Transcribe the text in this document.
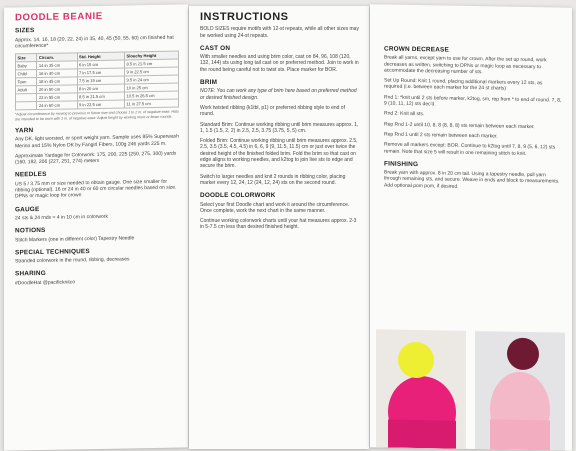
DOODLE BEANIE
SIZES

Approx. 14, 16, 18 (20, 22, 24) in 35, 40, 45 (50, 55, 60) cm finished hat circumference*

Size	Circum.	Std. Height	Slouchy Height
Baby	14 in 35 cm	6 in 15 cm	8.5 in 21.5 cm
Child	16 in 40 cm	7 in 17.5 cm	9 in 22.5 cm
Teen	18 in 45 cm	7.5 in 19 cm	9.5 in 24 cm
Adult	20 in 50 cm	8 in 20 cm	10 in 25 cm
	22 in 55 cm	8.5 in 21.5 cm	10.5 in 26.5 cm
	24 in 60 cm	9 in 22.5 cm	11 in 27.5 cm
*Adjust circumference by moving to previous or future size and choose 1 to 2 in. of negative ease. Hats are intended to be worn with 1 in. of negative ease. Adjust height by working more or fewer rounds.
YARN

Any DK, light worsted, or sport weight yarn. Sample uses 85% Superwash Merino and 15% Nylon DK by Fangirl Fibers, 100g 246 yards 225 m.

Approximate Yardage for Colorwork: 175, 200, 225 (250, 275, 300) yards (160, 182, 206 (227, 251, 274) meters

NEEDLES

US 5 / 3.75 mm or size needed to obtain gauge. One size smaller for ribbing (optional). 16 or 24 in 40 or 60 cm circular needles based on size. DPNs or magic loop for crown

GAUGE

24 sts & 24 rnds = 4 in 10 cm in colorwork

NOTIONS

Stitch Markers (one in different color) Tapestry Needle

SPECIAL TECHNIQUES

Stranded colorwork in the round, ribbing, decreases

SHARING

#DoodleHat @pacificknitco

INSTRUCTIONS

BOLD SIZES require motifs with 12-st repeats, while all other sizes may be worked using 24-st repeats.

CAST ON

With smaller needles and using brim color, cast on 84, 96, 108 (120, 132, 144) sts using long tail cast on or preferred method. Join to work in the round being careful not to twist sts. Place marker for BOR.

BRIM

NOTE: You can work any type of brim here based on preferred method or desired finished design.

Work twisted ribbing (k1tbl, p1) or preferred ribbing style to end of round.

Standard Brim: Continue working ribbing until brim measures approx. 1, 1, 1.5 (1.5, 2, 2) in 2.5, 2.5, 3.75 (3.75, 5, 5) cm.

Folded Brim: Continue working ribbing until brim measures approx. 2.5, 2.5, 3.5 (3.5, 4.5, 4.5) in 6, 6, 9 (9, 11.5, 11.5) cm or just over twice the desired height of the finished folded brim. Fold the brim so that cast on edge aligns to working needles, and k2tog to join live sts to edge and secure the brim.

Switch to larger needles and knit 2 rounds in ribbing color, placing marker every 12, 24, 12 (24, 12, 24) sts on the second round.

DOODLE COLORWORK

Select your first Doodle chart and work it around the circumference. Once complete, work the next chart in the same manner.

Continue working colorwork charts until your hat measures approx. 2-3 in 5-7.5 cm less than desired finished height.

CROWN DECREASE

Break all yarns, except yarn to use for crown. After the set up round, work decreases as written, switching to DPNs or magic loop as necessary to accommodate the decreasing number of sts.

Set Up Round: Knit 1 round, placing additional markers every 12 sts, as required (i.e. between each marker for the 24 st charts)

Rnd 1: *knit until 2 sts before marker, k2tog, sm, rep from * to end of round. 7, 8, 9 (10, 11, 12) sts dec'd.

Rnd 2: Knit all sts.

Rep Rnd 1-2 until 10, 8, 8 (8, 8, 8) sts remain between each marker.

Rep Rnd 1 until 2 sts remain between each marker.

Remove all markers except: BOR. Continue to k2tog until 7, 8, 9 (5, 6, 12) sts remain. Note that size 5 will result in one remaining stitch to knit.

FINISHING

Break yarn with approx. 8 in 20 cm tail. Using a tapestry needle, pull yarn through remaining sts, and secure. Weave in ends and block to measurements. Add optional pom pom, if desired.
